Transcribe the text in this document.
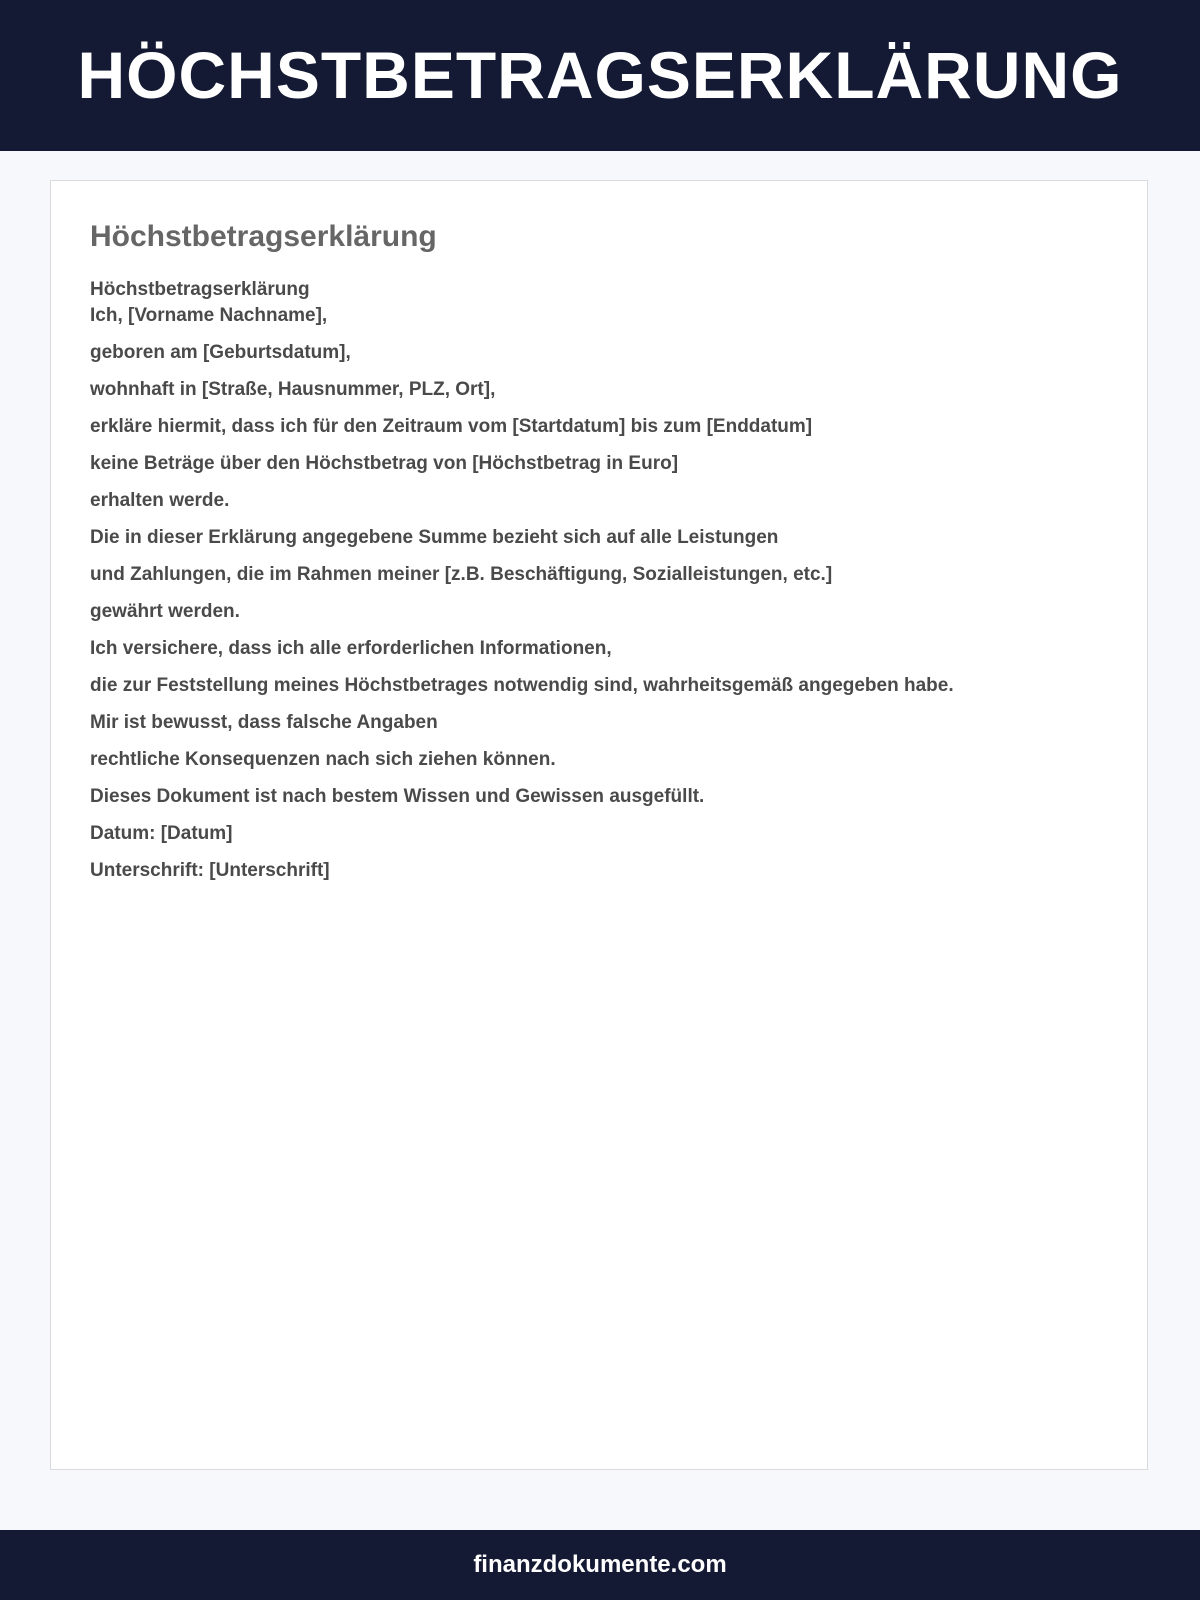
HÖCHSTBETRAGSERKLÄRUNG
Höchstbetragserklärung
Höchstbetragserklärung
Ich, [Vorname Nachname],
geboren am [Geburtsdatum],
wohnhaft in [Straße, Hausnummer, PLZ, Ort],
erkläre hiermit, dass ich für den Zeitraum vom [Startdatum] bis zum [Enddatum]
keine Beträge über den Höchstbetrag von [Höchstbetrag in Euro]
erhalten werde.
Die in dieser Erklärung angegebene Summe bezieht sich auf alle Leistungen
und Zahlungen, die im Rahmen meiner [z.B. Beschäftigung, Sozialleistungen, etc.]
gewährt werden.
Ich versichere, dass ich alle erforderlichen Informationen,
die zur Feststellung meines Höchstbetrages notwendig sind, wahrheitsgemäß angegeben habe.
Mir ist bewusst, dass falsche Angaben
rechtliche Konsequenzen nach sich ziehen können.
Dieses Dokument ist nach bestem Wissen und Gewissen ausgefüllt.
Datum: [Datum]
Unterschrift: [Unterschrift]
finanzdokumente.com
